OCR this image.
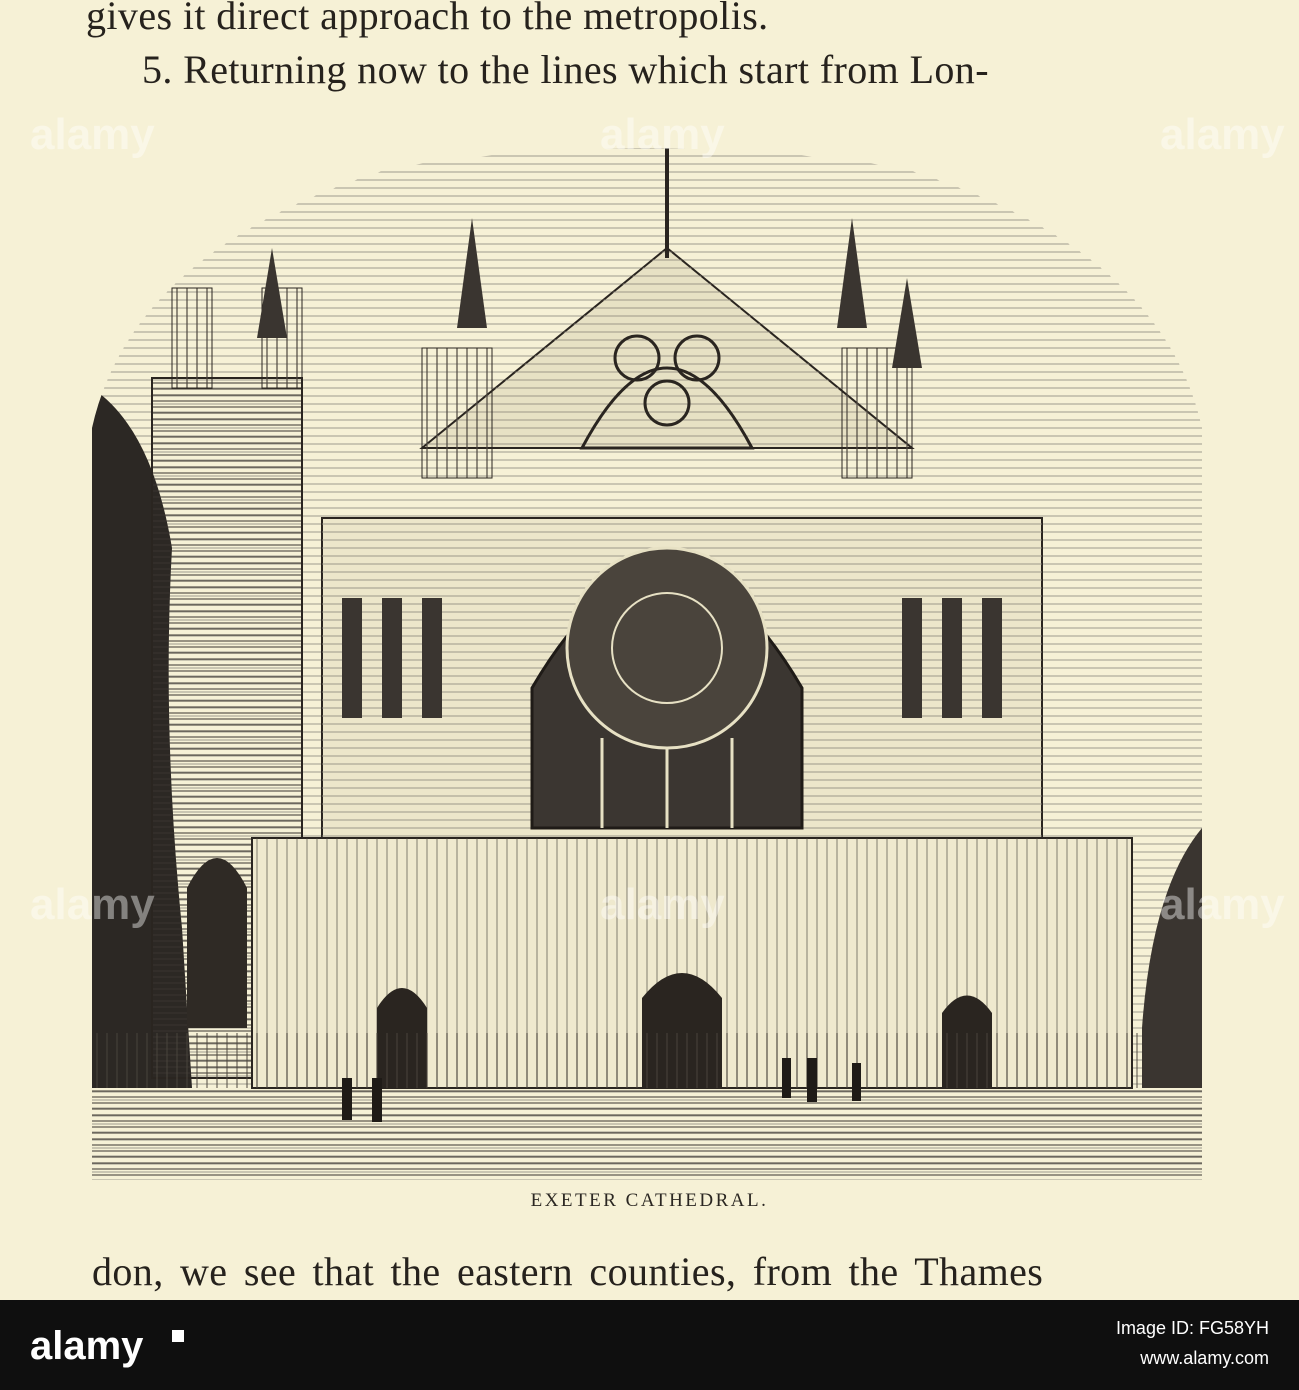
gives it direct approach to the metropolis.
5. Returning now to the lines which start from Lon-
EXETER CATHEDRAL.
don, we see that the eastern counties, from the Thames
alamy	alamy	alamy
alamy	alamy	alamy
alamy	Image ID: FG58YH
www.alamy.com
